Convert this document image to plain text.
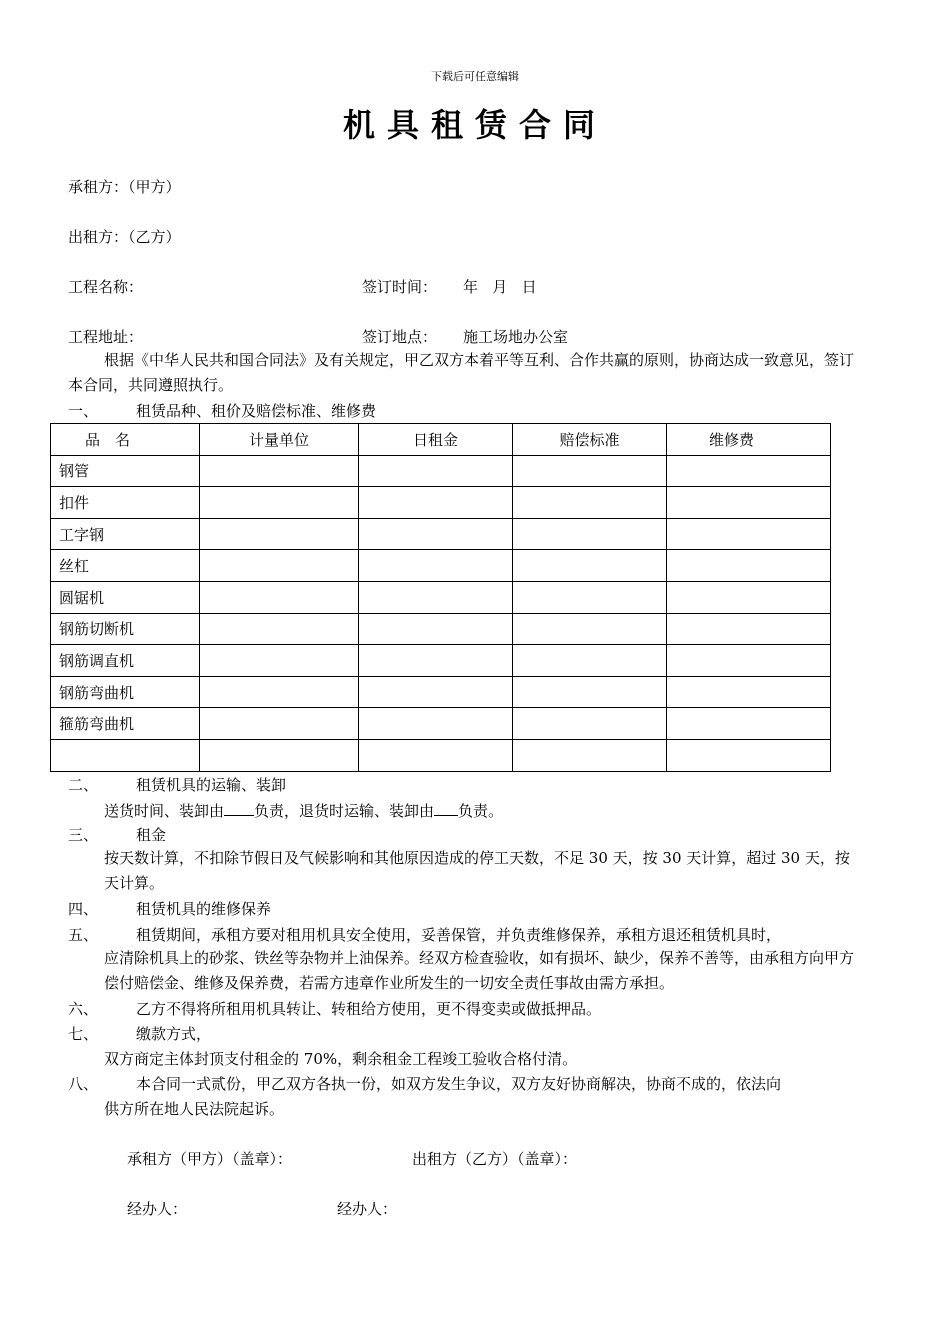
下载后可任意编辑
机具租赁合同
承租方：（甲方）
出租方：（乙方）
工程名称：	签订时间： 年   月   日
工程地址：	签订地点： 施工场地办公室
根据《中华人民共和国合同法》及有关规定，甲乙双方本着平等互利、合作共赢的原则，协商达成一致意见，签订本合同，共同遵照执行。
一、	租赁品种、租价及赔偿标准、维修费
品　名	计量单位	日租金	赔偿标准	维修费
钢管				
扣件				
工字钢				
丝杠				
圆锯机				
钢筋切断机				
钢筋调直机				
钢筋弯曲机				
箍筋弯曲机				

二、	租赁机具的运输、装卸
送货时间、装卸由 负责，退货时运输、装卸由 负责。
三、	租金
按天数计算，不扣除节假日及气候影响和其他原因造成的停工天数，不足 30 天，按 30 天计算，超过 30 天，按天计算。
四、	租赁机具的维修保养
五、	租赁期间，承租方要对租用机具安全使用，妥善保管，并负责维修保养，承租方退还租赁机具时，
应清除机具上的砂浆、铁丝等杂物并上油保养。经双方检查验收，如有损坏、缺少，保养不善等，由承租方向甲方偿付赔偿金、维修及保养费，若需方违章作业所发生的一切安全责任事故由需方承担。
六、	乙方不得将所租用机具转让、转租给方使用，更不得变卖或做抵押品。
七、	缴款方式，
双方商定主体封顶支付租金的 70%，剩余租金工程竣工验收合格付清。
八、	本合同一式贰份，甲乙双方各执一份，如双方发生争议，双方友好协商解决，协商不成的，依法向
供方所在地人民法院起诉。
承租方（甲方）（盖章）：	出租方（乙方）（盖章）：
经办人：	经办人：
